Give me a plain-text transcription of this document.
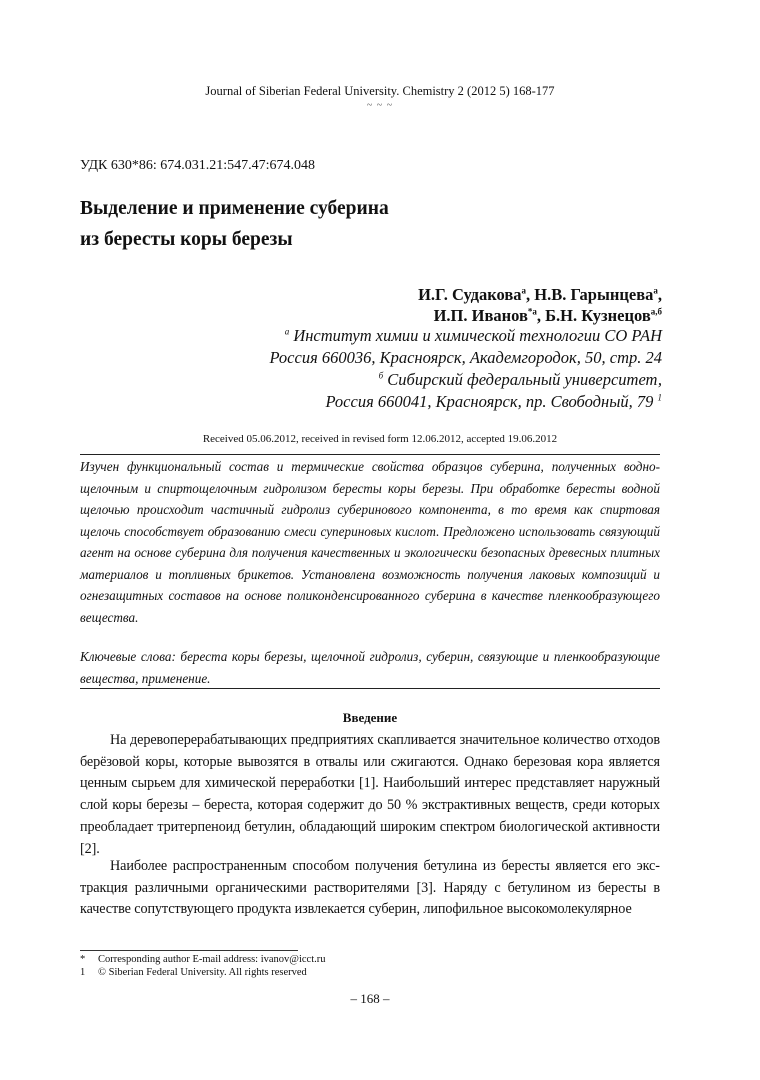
Journal of Siberian Federal University. Chemistry 2 (2012 5) 168-177
~ ~ ~
УДК 630*86: 674.031.21:547.47:674.048
Выделение и применение суберина
из бересты коры березы
И.Г. Судакова$^а$, Н.В. Гарынцева$^а$,
И.П. Иванов$^{*а}$, Б.Н. Кузнецов$^{а,б}$
$^а$ Институт химии и химической технологии СО РАН
Россия 660036, Красноярск, Академгородок, 50, стр. 24
$^б$ Сибирский федеральный университет,
Россия 660041, Красноярск, пр. Свободный, 79 $^1$
Received 05.06.2012, received in revised form 12.06.2012, accepted 19.06.2012

Изучен функциональный состав и термические свойства образцов суберина, полученных водно-щелочным и спиртощелочным гидролизом бересты коры березы. При обработке бересты водной щелочью происходит частичный гидролиз суберинового компонента, в то время как спиртовая щелочь способствует образованию смеси супериновых кислот. Предложено использовать связующий агент на основе суберина для получения качественных и экологически безопасных древесных плитных материалов и топливных брикетов. Установлена возможность получения лаковых композиций и огнезащитных составов на основе поликонденсированного суберина в качестве пленкообразующего вещества.

Ключевые слова: береста коры березы, щелочной гидролиз, суберин, связующие и пленкообразующие вещества, применение.

Введение

На деревоперерабатывающих предприятиях скапливается значительное количество отходов берёзовой коры, которые вывозятся в отвалы или сжигаются. Однако березовая кора является ценным сырьем для химической переработки [1]. Наибольший интерес представляет наружный слой коры березы – береста, которая содержит до 50 % экстрактивных веществ, среди которых преобладает тритерпеноид бетулин, обладающий широким спектром биологической активности [2].

Наиболее распространенным способом получения бетулина из бересты является его экстракция различными органическими растворителями [3]. Наряду с бетулином из бересты в качестве сопутствующего продукта извлекается суберин, липофильное высокомолекулярное

* Corresponding author E-mail address: ivanov@icct.ru
1 © Siberian Federal University. All rights reserved
– 168 –
